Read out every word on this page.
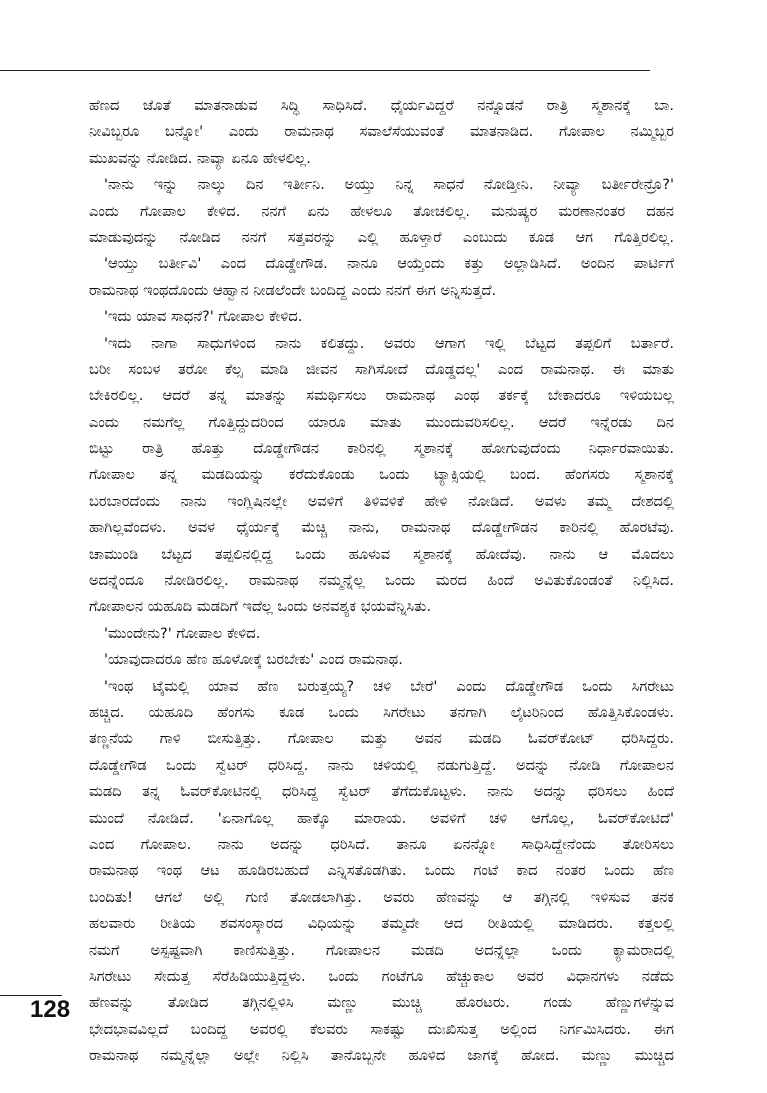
ಹೆಣದ ಜೊತೆ ಮಾತನಾಡುವ ಸಿದ್ಧಿ ಸಾಧಿಸಿದೆ. ಧೈರ್ಯವಿದ್ದರೆ ನನ್ನೊಡನೆ ರಾತ್ರಿ ಸ್ಮಶಾನಕ್ಕೆ ಬಾ.
ನೀವಿಬ್ಬರೂ ಬನ್ನೋ' ಎಂದು ರಾಮನಾಥ ಸವಾಲೆಸೆಯುವಂತೆ ಮಾತನಾಡಿದ. ಗೋಪಾಲ ನಮ್ಮಿಬ್ಬರ
ಮುಖವನ್ನು ನೋಡಿದ. ನಾವ್ಯಾ ಏನೂ ಹೇಳಲಿಲ್ಲ.
'ನಾನು ಇನ್ನು ನಾಲ್ಕು ದಿನ ಇರ್ತೀನಿ. ಅಯ್ತು ನಿನ್ನ ಸಾಧನೆ ನೋಡ್ತೀನಿ. ನೀವ್ಯಾ ಬರ್ತೀರೇನ್ರೊ?'
ಎಂದು ಗೋಪಾಲ ಕೇಳಿದ. ನನಗೆ ಏನು ಹೇಳಲೂ ತೋಚಲಿಲ್ಲ. ಮನುಷ್ಯರ ಮರಣಾನಂತರ ದಹನ
ಮಾಡುವುದನ್ನು ನೋಡಿದ ನನಗೆ ಸತ್ತವರನ್ನು ಎಲ್ಲಿ ಹೂಳ್ತಾರೆ ಎಂಬುದು ಕೂಡ ಆಗ ಗೊತ್ತಿರಲಿಲ್ಲ.
'ಆಯ್ತು ಬರ್ತೀವಿ' ಎಂದ ದೊಡ್ಡೇಗೌಡ. ನಾನೂ ಆಯ್ತೆಂದು ಕತ್ತು ಅಲ್ಲಾಡಿಸಿದೆ. ಅಂದಿನ ಪಾರ್ಟಿಗೆ
ರಾಮನಾಥ ಇಂಥದೊಂದು ಆಹ್ವಾನ ನೀಡಲೆಂದೇ ಬಂದಿದ್ದ ಎಂದು ನನಗೆ ಈಗ ಅನ್ನಿಸುತ್ತದೆ.
'ಇದು ಯಾವ ಸಾಧನೆ?' ಗೋಪಾಲ ಕೇಳಿದ.
'ಇದು ನಾಗಾ ಸಾಧುಗಳಿಂದ ನಾನು ಕಲಿತದ್ದು. ಅವರು ಆಗಾಗ ಇಲ್ಲಿ ಬೆಟ್ಟದ ತಪ್ಪಲಿಗೆ ಬರ್ತಾರೆ.
ಬರೀ ಸಂಬಳ ತರೋ ಕೆಲ್ಸ ಮಾಡಿ ಜೀವನ ಸಾಗಿಸೋದೆ ದೊಡ್ಡದಲ್ಲ' ಎಂದ ರಾಮನಾಥ. ಈ ಮಾತು
ಬೇಕಿರಲಿಲ್ಲ. ಆದರೆ ತನ್ನ ಮಾತನ್ನು ಸಮರ್ಥಿಸಲು ರಾಮನಾಥ ಎಂಥ ತರ್ಕಕ್ಕೆ ಬೇಕಾದರೂ ಇಳಿಯಬಲ್ಲ
ಎಂದು ನಮಗೆಲ್ಲ ಗೊತ್ತಿದ್ದುದರಿಂದ ಯಾರೂ ಮಾತು ಮುಂದುವರಿಸಲಿಲ್ಲ. ಆದರೆ ಇನ್ನೆರಡು ದಿನ
ಬಿಟ್ಟು ರಾತ್ರಿ ಹೊತ್ತು ದೊಡ್ಡೇಗೌಡನ ಕಾರಿನಲ್ಲಿ ಸ್ಮಶಾನಕ್ಕೆ ಹೋಗುವುದೆಂದು ನಿರ್ಧಾರವಾಯಿತು.
ಗೋಪಾಲ ತನ್ನ ಮಡದಿಯನ್ನು ಕರೆದುಕೊಂಡು ಒಂದು ಟ್ಯಾಕ್ಸಿಯಲ್ಲಿ ಬಂದ. ಹೆಂಗಸರು ಸ್ಮಶಾನಕ್ಕೆ
ಬರಬಾರದೆಂದು ನಾನು ಇಂಗ್ಲಿಷಿನಲ್ಲೇ ಅವಳಿಗೆ ತಿಳಿವಳಿಕೆ ಹೇಳಿ ನೋಡಿದೆ. ಅವಳು ತಮ್ಮ ದೇಶದಲ್ಲಿ
ಹಾಗಿಲ್ಲವೆಂದಳು. ಅವಳ ಧೈರ್ಯಕ್ಕೆ ಮೆಚ್ಚಿ ನಾನು, ರಾಮನಾಥ ದೊಡ್ಡೇಗೌಡನ ಕಾರಿನಲ್ಲಿ ಹೊರಟೆವು.
ಚಾಮುಂಡಿ ಬೆಟ್ಟದ ತಪ್ಪಲಿನಲ್ಲಿದ್ದ ಒಂದು ಹೂಳುವ ಸ್ಮಶಾನಕ್ಕೆ ಹೋದೆವು. ನಾನು ಆ ಮೊದಲು
ಅದನ್ನೆಂದೂ ನೋಡಿರಲಿಲ್ಲ. ರಾಮನಾಥ ನಮ್ಮನ್ನೆಲ್ಲ ಒಂದು ಮರದ ಹಿಂದೆ ಅವಿತುಕೊಂಡಂತೆ ನಿಲ್ಲಿಸಿದ.
ಗೋಪಾಲನ ಯಹೂದಿ ಮಡದಿಗೆ ಇದೆಲ್ಲ ಒಂದು ಅನವಶ್ಯಕ ಭಯವೆನ್ನಿಸಿತು.
'ಮುಂದೇನು?' ಗೋಪಾಲ ಕೇಳಿದ.
'ಯಾವುದಾದರೂ ಹೆಣ ಹೂಳೋಕ್ಕೆ ಬರಬೇಕು' ಎಂದ ರಾಮನಾಥ.
'ಇಂಥ ಟೈಮಲ್ಲಿ ಯಾವ ಹೆಣ ಬರುತ್ತಯ್ಯ? ಚಳಿ ಬೇರೆ' ಎಂದು ದೊಡ್ಡೇಗೌಡ ಒಂದು ಸಿಗರೇಟು
ಹಚ್ಚಿದ. ಯಹೂದಿ ಹೆಂಗಸು ಕೂಡ ಒಂದು ಸಿಗರೇಟು ತನಗಾಗಿ ಲೈಟರಿನಿಂದ ಹೊತ್ತಿಸಿಕೊಂಡಳು.
ತಣ್ಣನೆಯ ಗಾಳಿ ಬೀಸುತ್ತಿತ್ತು. ಗೋಪಾಲ ಮತ್ತು ಅವನ ಮಡದಿ ಓವರ್‌ಕೋಟ್ ಧರಿಸಿದ್ದರು.
ದೊಡ್ಡೇಗೌಡ ಒಂದು ಸ್ವೆಟರ್ ಧರಿಸಿದ್ದ. ನಾನು ಚಳಿಯಲ್ಲಿ ನಡುಗುತ್ತಿದ್ದೆ. ಅದನ್ನು ನೋಡಿ ಗೋಪಾಲನ
ಮಡದಿ ತನ್ನ ಓವರ್‌ಕೋಟಿನಲ್ಲಿ ಧರಿಸಿದ್ದ ಸ್ವೆಟರ್ ತೆಗೆದುಕೊಟ್ಟಳು. ನಾನು ಅದನ್ನು ಧರಿಸಲು ಹಿಂದೆ
ಮುಂದೆ ನೋಡಿದೆ. 'ಏನಾಗೊಲ್ಲ ಹಾಕ್ಕೊ ಮಾರಾಯ. ಅವಳಿಗೆ ಚಳಿ ಆಗೊಲ್ಲ, ಓವರ್‌ಕೋಟಿದೆ'
ಎಂದ ಗೋಪಾಲ. ನಾನು ಅದನ್ನು ಧರಿಸಿದೆ. ತಾನೂ ಏನನ್ನೋ ಸಾಧಿಸಿದ್ದೇನೆಂದು ತೋರಿಸಲು
ರಾಮನಾಥ ಇಂಥ ಆಟ ಹೂಡಿರಬಹುದೆ ಎನ್ನಿಸತೊಡಗಿತು. ಒಂದು ಗಂಟೆ ಕಾದ ನಂತರ ಒಂದು ಹೆಣ
ಬಂದಿತು! ಆಗಲೆ ಅಲ್ಲಿ ಗುಣಿ ತೋಡಲಾಗಿತ್ತು. ಅವರು ಹೆಣವನ್ನು ಆ ತಗ್ಗಿನಲ್ಲಿ ಇಳಿಸುವ ತನಕ
ಹಲವಾರು ರೀತಿಯ ಶವಸಂಸ್ಕಾರದ ವಿಧಿಯನ್ನು ತಮ್ಮದೇ ಆದ ರೀತಿಯಲ್ಲಿ ಮಾಡಿದರು. ಕತ್ತಲಲ್ಲಿ
ನಮಗೆ ಅಸ್ಪಷ್ಟವಾಗಿ ಕಾಣಿಸುತ್ತಿತ್ತು. ಗೋಪಾಲನ ಮಡದಿ ಅದನ್ನೆಲ್ಲಾ ಒಂದು ಕ್ಯಾಮರಾದಲ್ಲಿ
ಸಿಗರೇಟು ಸೇದುತ್ತ ಸೆರೆಹಿಡಿಯುತ್ತಿದ್ದಳು. ಒಂದು ಗಂಟೆಗೂ ಹೆಚ್ಚುಕಾಲ ಅವರ ವಿಧಾನಗಳು ನಡೆದು
ಹೆಣವನ್ನು ತೋಡಿದ ತಗ್ಗಿನಲ್ಲಿಳಿಸಿ ಮಣ್ಣು ಮುಚ್ಚಿ ಹೊರಟರು. ಗಂಡು ಹೆಣ್ಣುಗಳೆನ್ನುವ
ಭೇದಭಾವವಿಲ್ಲದೆ ಬಂದಿದ್ದ ಅವರಲ್ಲಿ ಕೆಲವರು ಸಾಕಷ್ಟು ದುಃಖಿಸುತ್ತ ಅಲ್ಲಿಂದ ನಿರ್ಗಮಿಸಿದರು. ಈಗ
ರಾಮನಾಥ ನಮ್ಮನ್ನೆಲ್ಲಾ ಅಲ್ಲೇ ನಿಲ್ಲಿಸಿ ತಾನೊಬ್ಬನೇ ಹೂಳಿದ ಜಾಗಕ್ಕೆ ಹೋದ. ಮಣ್ಣು ಮುಚ್ಚಿದ
128
